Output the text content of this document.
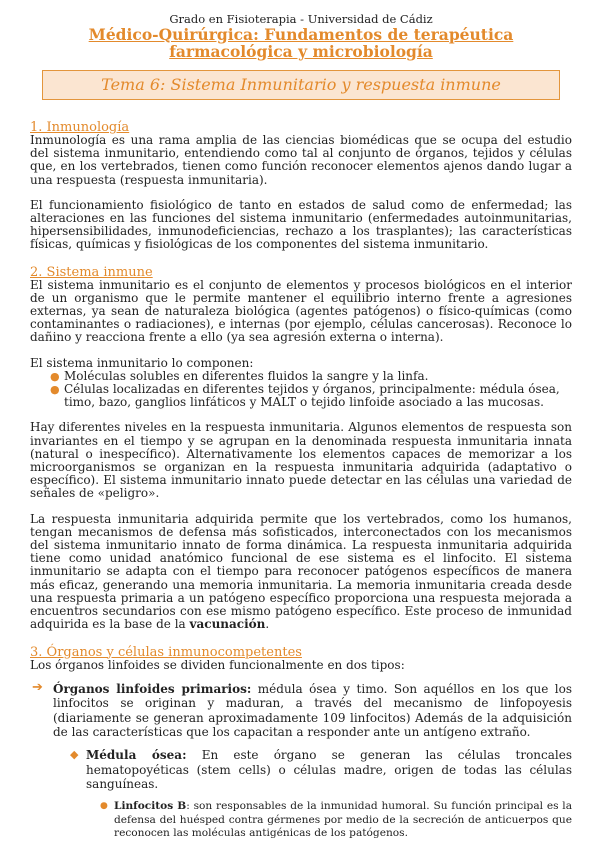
Grado en Fisioterapia - Universidad de Cádiz
Médico-Quirúrgica: Fundamentos de terapéutica farmacológica y microbiología
Tema 6: Sistema Inmunitario y respuesta inmune
1. Inmunología

Inmunología es una rama amplia de las ciencias biomédicas que se ocupa del estudio del sistema inmunitario, entendiendo como tal al conjunto de órganos, tejidos y células que, en los vertebrados, tienen como función reconocer elementos ajenos dando lugar a una respuesta (respuesta inmunitaria).

El funcionamiento fisiológico de tanto en estados de salud como de enfermedad; las alteraciones en las funciones del sistema inmunitario (enfermedades autoinmunitarias, hipersensibilidades, inmunodeficiencias, rechazo a los trasplantes); las características físicas, químicas y fisiológicas de los componentes del sistema inmunitario.

2. Sistema inmune

El sistema inmunitario es el conjunto de elementos y procesos biológicos en el interior de un organismo que le permite mantener el equilibrio interno frente a agresiones externas, ya sean de naturaleza biológica (agentes patógenos) o físico-químicas (como contaminantes o radiaciones), e internas (por ejemplo, células cancerosas). Reconoce lo dañino y reacciona frente a ello (ya sea agresión externa o interna).

El sistema inmunitario lo componen:

● Moléculas solubles en diferentes fluidos la sangre y la linfa.
● Células localizadas en diferentes tejidos y órganos, principalmente: médula ósea, timo, bazo, ganglios linfáticos y MALT o tejido linfoide asociado a las mucosas.

Hay diferentes niveles en la respuesta inmunitaria. Algunos elementos de respuesta son invariantes en el tiempo y se agrupan en la denominada respuesta inmunitaria innata (natural o inespecífico). Alternativamente los elementos capaces de memorizar a los microorganismos se organizan en la respuesta inmunitaria adquirida (adaptativo o específico). El sistema inmunitario innato puede detectar en las células una variedad de señales de «peligro».

La respuesta inmunitaria adquirida permite que los vertebrados, como los humanos, tengan mecanismos de defensa más sofisticados, interconectados con los mecanismos del sistema inmunitario innato de forma dinámica. La respuesta inmunitaria adquirida tiene como unidad anatómico funcional de ese sistema es el linfocito. El sistema inmunitario se adapta con el tiempo para reconocer patógenos específicos de manera más eficaz, generando una memoria inmunitaria. La memoria inmunitaria creada desde una respuesta primaria a un patógeno específico proporciona una respuesta mejorada a encuentros secundarios con ese mismo patógeno específico. Este proceso de inmunidad adquirida es la base de la vacunación.

3. Órganos y células inmunocompetentes

Los órganos linfoides se dividen funcionalmente en dos tipos:

➔ Órganos linfoides primarios: médula ósea y timo. Son aquéllos en los que los linfocitos se originan y maduran, a través del mecanismo de linfopoyesis (diariamente se generan aproximadamente 109 linfocitos) Además de la adquisición de las características que los capacitan a responder ante un antígeno extraño.
◆ Médula ósea: En este órgano se generan las células troncales hematopoyéticas (stem cells) o células madre, origen de todas las células sanguíneas.
● Linfocitos B: son responsables de la inmunidad humoral. Su función principal es la defensa del huésped contra gérmenes por medio de la secreción de anticuerpos que reconocen las moléculas antigénicas de los patógenos.
